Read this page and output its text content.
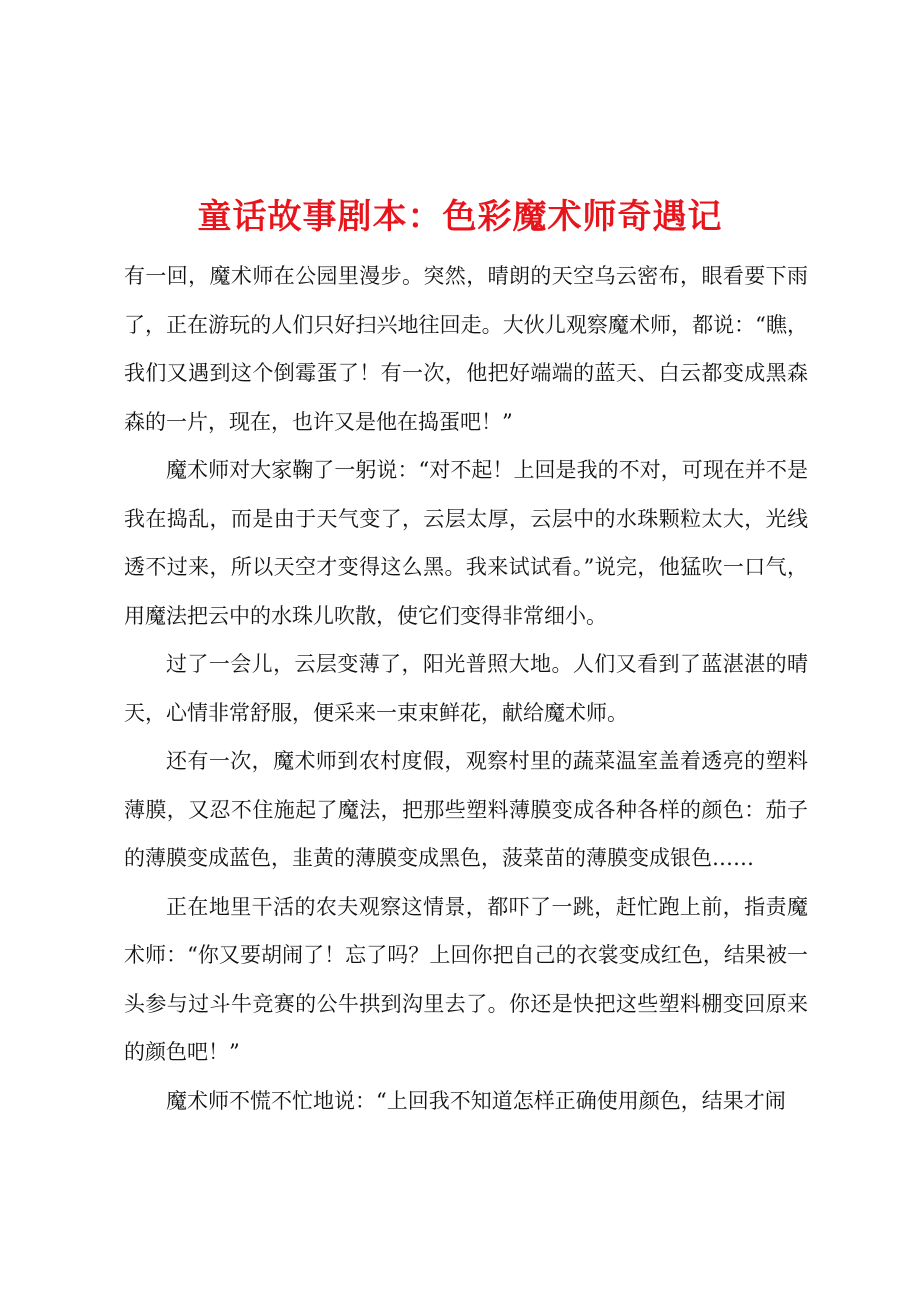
童话故事剧本：色彩魔术师奇遇记

有一回，魔术师在公园里漫步。突然，晴朗的天空乌云密布，眼看要下雨了，正在游玩的人们只好扫兴地往回走。大伙儿观察魔术师，都说：“瞧，我们又遇到这个倒霉蛋了！有一次，他把好端端的蓝天、白云都变成黑森森的一片，现在，也许又是他在捣蛋吧！”

魔术师对大家鞠了一躬说：“对不起！上回是我的不对，可现在并不是我在捣乱，而是由于天气变了，云层太厚，云层中的水珠颗粒太大，光线透不过来，所以天空才变得这么黑。我来试试看。”说完，他猛吹一口气，用魔法把云中的水珠儿吹散，使它们变得非常细小。

过了一会儿，云层变薄了，阳光普照大地。人们又看到了蓝湛湛的晴天，心情非常舒服，便采来一束束鲜花，献给魔术师。

还有一次，魔术师到农村度假，观察村里的蔬菜温室盖着透亮的塑料薄膜，又忍不住施起了魔法，把那些塑料薄膜变成各种各样的颜色：茄子的薄膜变成蓝色，韭黄的薄膜变成黑色，菠菜苗的薄膜变成银色……

正在地里干活的农夫观察这情景，都吓了一跳，赶忙跑上前，指责魔术师：“你又要胡闹了！忘了吗？上回你把自己的衣裳变成红色，结果被一头参与过斗牛竞赛的公牛拱到沟里去了。你还是快把这些塑料棚变回原来的颜色吧！”

魔术师不慌不忙地说：“上回我不知道怎样正确使用颜色，结果才闹
